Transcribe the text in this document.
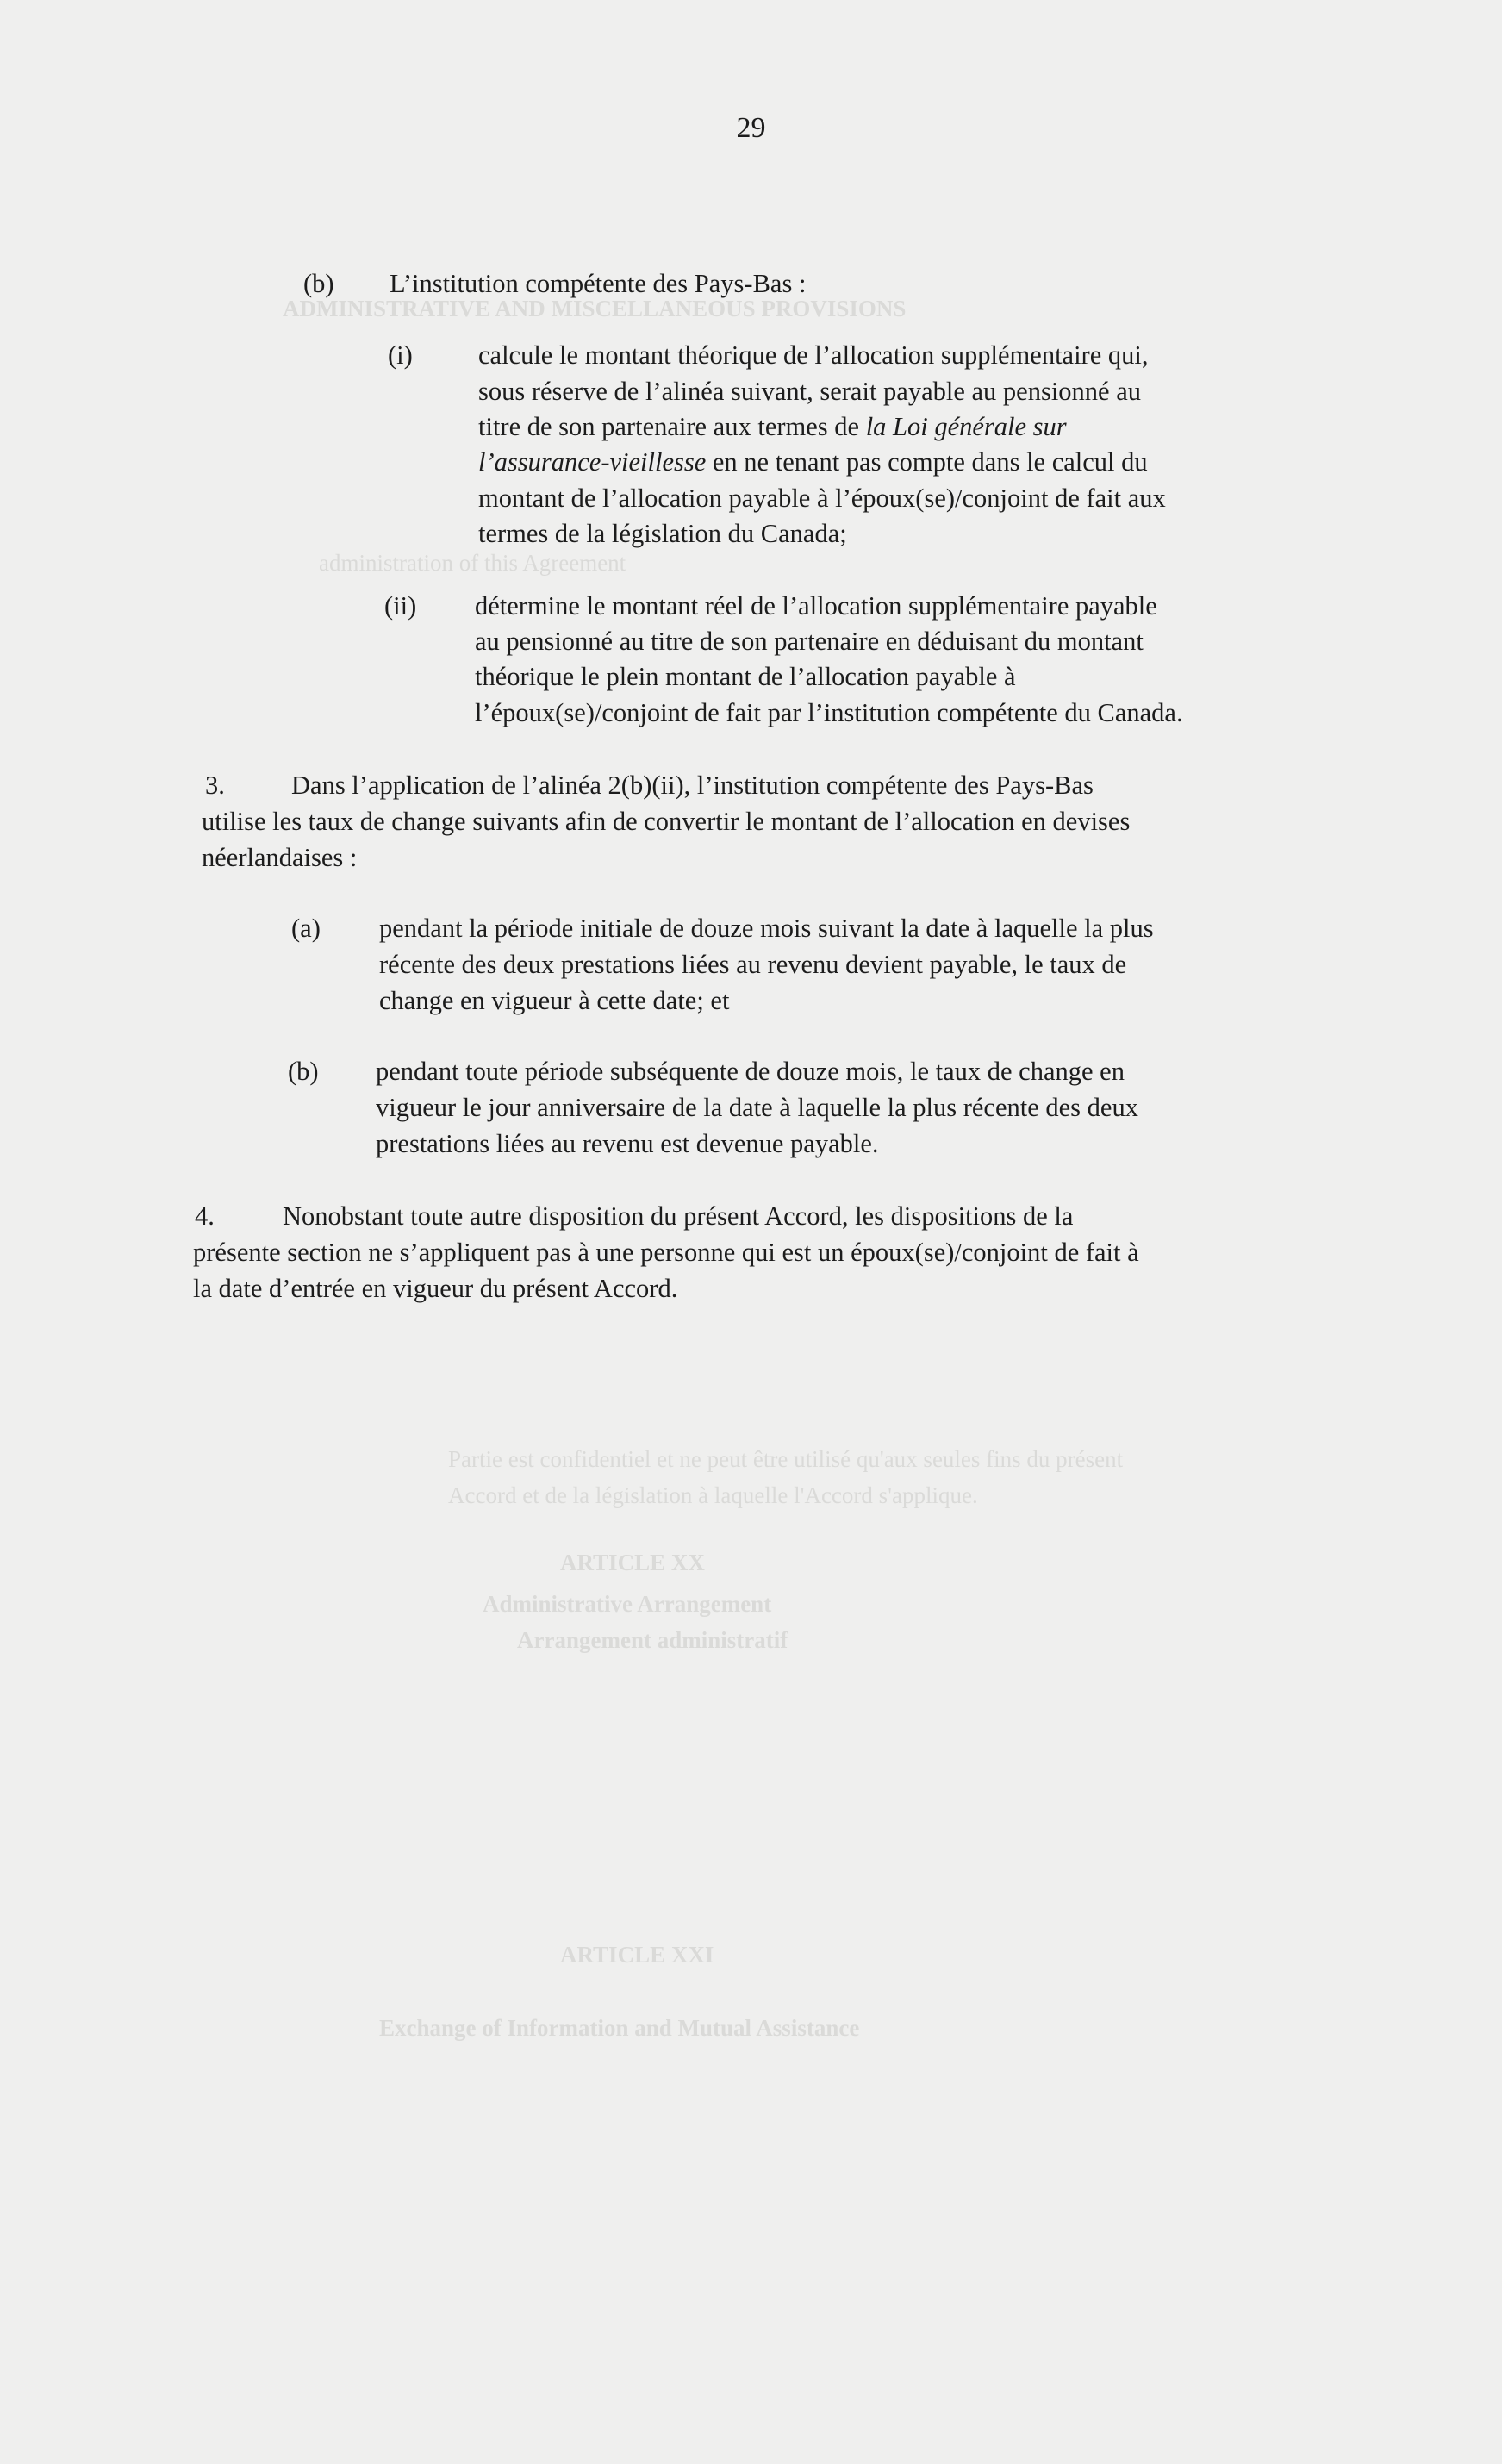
ADMINISTRATIVE AND MISCELLANEOUS PROVISIONS
administration of this Agreement
ARTICLE XX
Administrative Arrangement
Arrangement administratif
ARTICLE XXI
Exchange of Information and Mutual Assistance
Partie est confidentiel et ne peut être utilisé qu'aux seules fins du présent
Accord et de la législation à laquelle l'Accord s'applique.
29
(b) L’institution compétente des Pays-Bas :
(i) calcule le montant théorique de l’allocation supplémentaire qui,
sous réserve de l’alinéa suivant, serait payable au pensionné au
titre de son partenaire aux termes de la Loi générale sur
l’assurance-vieillesse en ne tenant pas compte dans le calcul du
montant de l’allocation payable à l’époux(se)/conjoint de fait aux
termes de la législation du Canada;
(ii) détermine le montant réel de l’allocation supplémentaire payable
au pensionné au titre de son partenaire en déduisant du montant
théorique le plein montant de l’allocation payable à
l’époux(se)/conjoint de fait par l’institution compétente du Canada.
3.	Dans l’application de l’alinéa 2(b)(ii), l’institution compétente des Pays-Bas
utilise les taux de change suivants afin de convertir le montant de l’allocation en devises
néerlandaises :
(a) pendant la période initiale de douze mois suivant la date à laquelle la plus
récente des deux prestations liées au revenu devient payable, le taux de
change en vigueur à cette date; et
(b) pendant toute période subséquente de douze mois, le taux de change en
vigueur le jour anniversaire de la date à laquelle la plus récente des deux
prestations liées au revenu est devenue payable.
4.	Nonobstant toute autre disposition du présent Accord, les dispositions de la
présente section ne s’appliquent pas à une personne qui est un époux(se)/conjoint de fait à
la date d’entrée en vigueur du présent Accord.
